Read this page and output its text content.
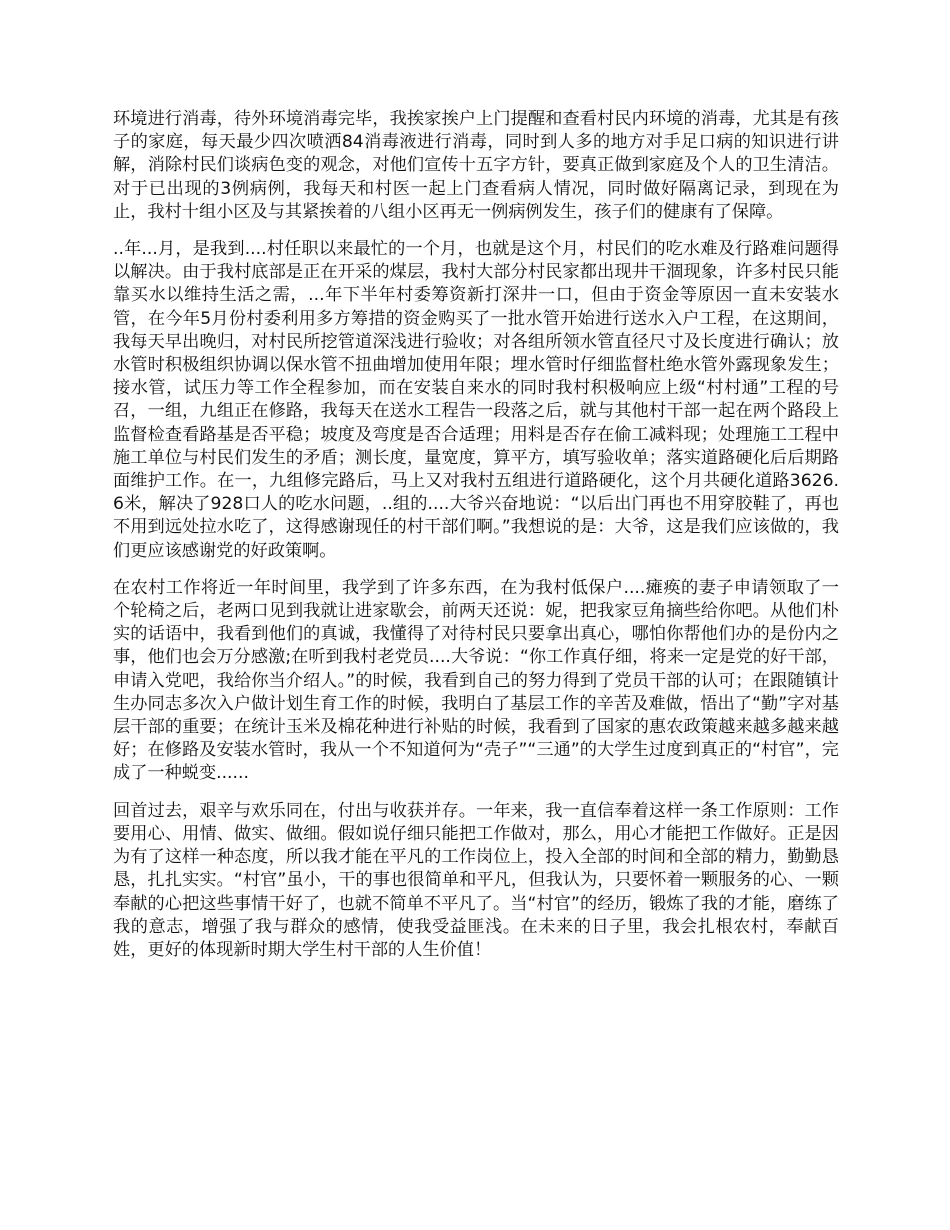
环境进行消毒，待外环境消毒完毕，我挨家挨户上门提醒和查看村民内环境的消毒，尤其是有孩子的家庭，每天最少四次喷洒84消毒液进行消毒，同时到人多的地方对手足口病的知识进行讲解，消除村民们谈病色变的观念，对他们宣传十五字方针，要真正做到家庭及个人的卫生清洁。对于已出现的3例病例，我每天和村医一起上门查看病人情况，同时做好隔离记录，到现在为止，我村十组小区及与其紧挨着的八组小区再无一例病例发生，孩子们的健康有了保障。

..年...月，是我到....村任职以来最忙的一个月，也就是这个月，村民们的吃水难及行路难问题得以解决。由于我村底部是正在开采的煤层，我村大部分村民家都出现井干涸现象，许多村民只能靠买水以维持生活之需，...年下半年村委筹资新打深井一口，但由于资金等原因一直未安装水管，在今年5月份村委利用多方筹措的资金购买了一批水管开始进行送水入户工程，在这期间，我每天早出晚归，对村民所挖管道深浅进行验收；对各组所领水管直径尺寸及长度进行确认；放水管时积极组织协调以保水管不扭曲增加使用年限；埋水管时仔细监督杜绝水管外露现象发生；接水管，试压力等工作全程参加，而在安装自来水的同时我村积极响应上级“村村通”工程的号召，一组，九组正在修路，我每天在送水工程告一段落之后，就与其他村干部一起在两个路段上监督检查看路基是否平稳；坡度及弯度是否合适理；用料是否存在偷工减料现；处理施工工程中施工单位与村民们发生的矛盾；测长度，量宽度，算平方，填写验收单；落实道路硬化后后期路面维护工作。在一，九组修完路后，马上又对我村五组进行道路硬化，这个月共硬化道路3626.6米，解决了928口人的吃水问题，..组的....大爷兴奋地说：“以后出门再也不用穿胶鞋了，再也不用到远处拉水吃了，这得感谢现任的村干部们啊。”我想说的是：大爷，这是我们应该做的，我们更应该感谢党的好政策啊。

在农村工作将近一年时间里，我学到了许多东西，在为我村低保户....瘫痪的妻子申请领取了一个轮椅之后，老两口见到我就让进家歇会，前两天还说：妮，把我家豆角摘些给你吧。从他们朴实的话语中，我看到他们的真诚，我懂得了对待村民只要拿出真心，哪怕你帮他们办的是份内之事，他们也会万分感激;在听到我村老党员....大爷说：“你工作真仔细，将来一定是党的好干部，申请入党吧，我给你当介绍人。”的时候，我看到自己的努力得到了党员干部的认可；在跟随镇计生办同志多次入户做计划生育工作的时候，我明白了基层工作的辛苦及难做，悟出了“勤”字对基层干部的重要；在统计玉米及棉花种进行补贴的时候，我看到了国家的惠农政策越来越多越来越好；在修路及安装水管时，我从一个不知道何为“壳子”“三通”的大学生过度到真正的“村官”，完成了一种蜕变......

回首过去，艰辛与欢乐同在，付出与收获并存。一年来，我一直信奉着这样一条工作原则：工作要用心、用情、做实、做细。假如说仔细只能把工作做对，那么，用心才能把工作做好。正是因为有了这样一种态度，所以我才能在平凡的工作岗位上，投入全部的时间和全部的精力，勤勤恳恳，扎扎实实。“村官”虽小，干的事也很简单和平凡，但我认为，只要怀着一颗服务的心、一颗奉献的心把这些事情干好了，也就不简单不平凡了。当“村官”的经历，锻炼了我的才能，磨练了我的意志，增强了我与群众的感情，使我受益匪浅。在未来的日子里，我会扎根农村，奉献百姓，更好的体现新时期大学生村干部的人生价值！
